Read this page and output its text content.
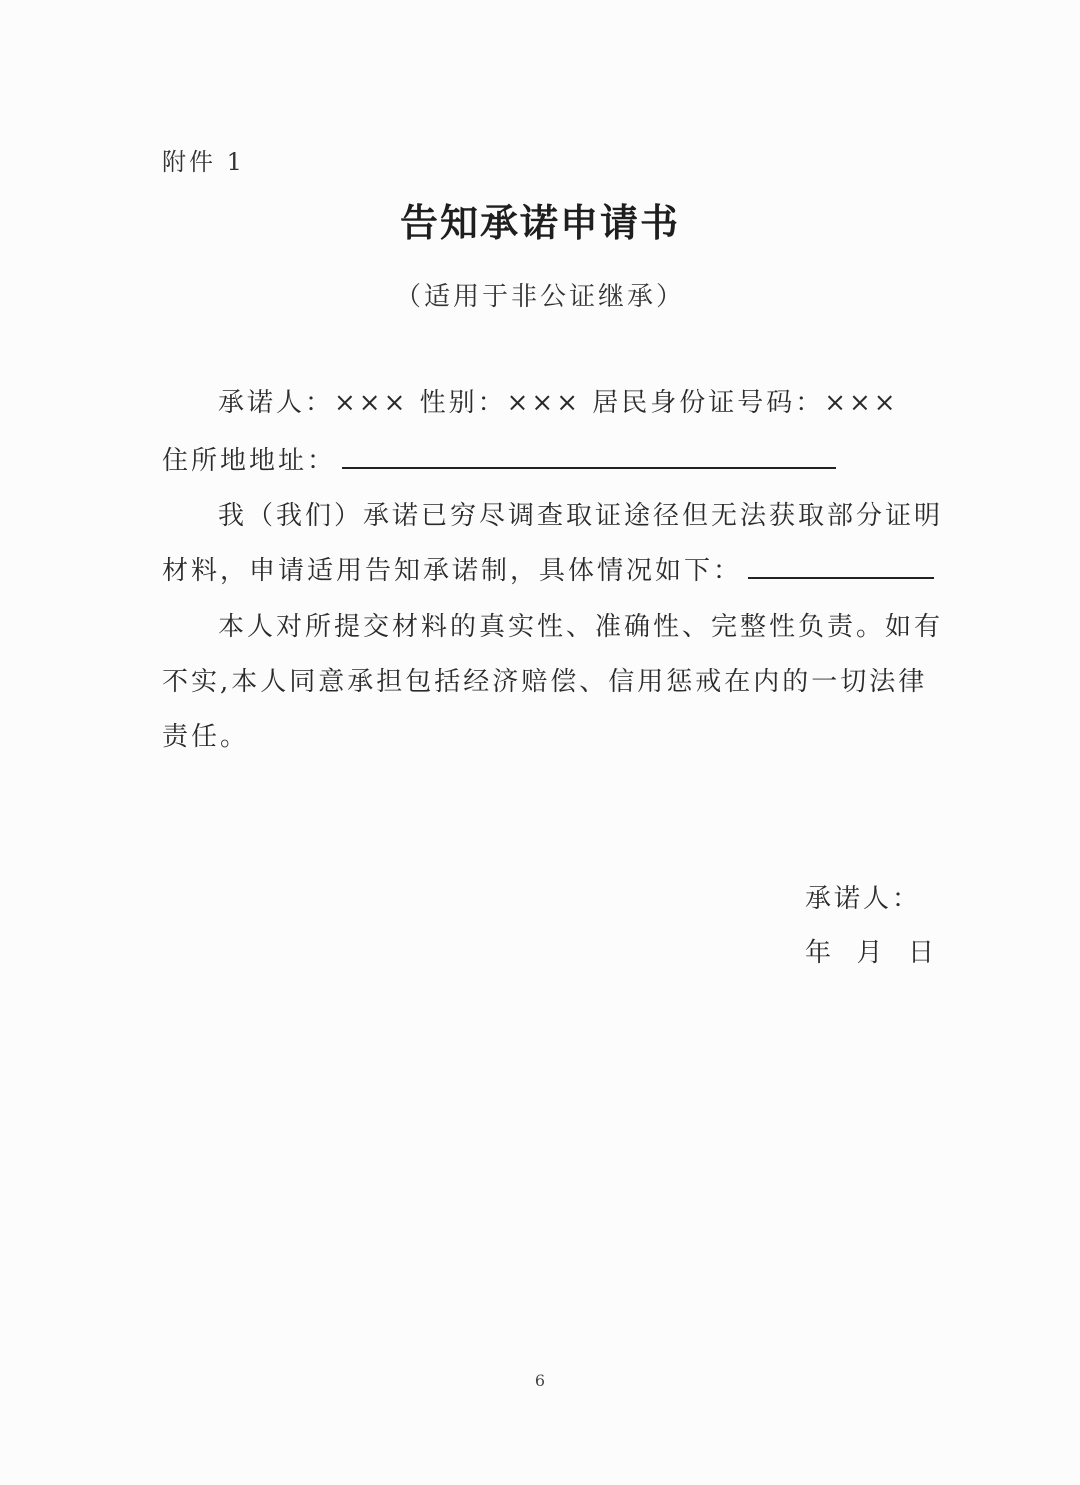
附件 1
告知承诺申请书
（适用于非公证继承）
承诺人：××× 性别：××× 居民身份证号码：×××
住所地地址：
我（我们）承诺已穷尽调查取证途径但无法获取部分证明
材料，申请适用告知承诺制，具体情况如下：
本人对所提交材料的真实性、准确性、完整性负责。如有
不实,本人同意承担包括经济赔偿、信用惩戒在内的一切法律
责任。
承诺人：
年  月  日
6
